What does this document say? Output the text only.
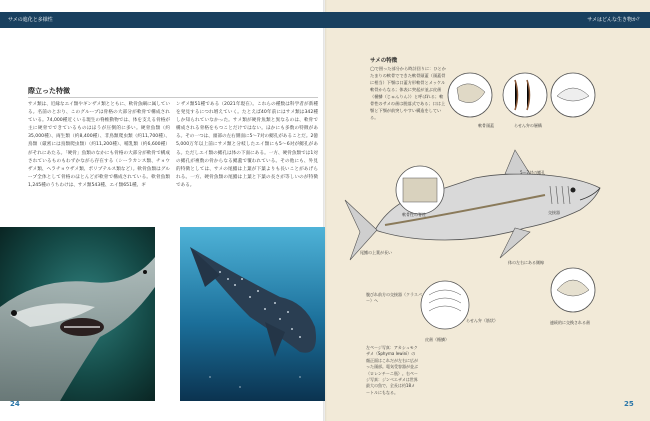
サメの進化と多様性	サメはどんな生き物か？
際立った特徴
サメ類は、近縁なエイ類やギンザメ類とともに、軟骨魚綱に属している。名前のとおり、このグループは骨格の大部分が軟骨で構成されている。74,000種近くいる現生の脊椎動物では、体を支える骨格が主に硬骨でできているものはほうが圧倒的に多い。硬骨魚類（約35,000種）、両生類（約8,400種）、非鳥類爬虫類（約11,700種）、鳥類（厳密には鳥類爬虫類）（約11,200種）、哺乳類（約6,600種）がそれにあたる。「硬骨」魚類のなかにも骨格の大部分が軟骨で構成されているものもわずかながら存在する（シーラカンス類、チョウザメ類、ヘラチョウザメ類、ポリプテルス類など）。軟骨魚類はグループ全体として骨格のほとんどが軟骨で構成されている。軟骨魚類1,245種のうちわけは、サメ類543種、エイ類651種、ギ
ンザメ類51種である（2021年現在）。これらの種数は科学者が新種を発見するにつれ増えていく。たとえば40年前にはサメ類は342種しか知られていなかった。サメ類が硬骨魚類と異なるのは、軟骨で構成される骨格をもつことだけではない。ほかにも多数の特徴がある。その一つは、頭部の左右側面に5〜7対の鰓孔があることだ。2億5,000万年以上前にサメ類と分岐したエイ類にも5〜6対が鰓孔がある。ただしエイ類の鰓孔は体の下面にある。一方、硬骨魚類では1対の鰓孔が複数の骨からなる鰓蓋で覆われている。その他にも、外見的特徴としては、サメの尾鰭は上葉が下葉よりも長いことがあげられる。一方、硬骨魚類の尾鰭は上葉と下葉の長さが等しいのが特徴である。
サメの特徴
◯で囲った部分から時計回りに：ひとかたまりの軟骨でできた軟骨頭蓋（頭蓋骨に相当）下顎は口蓋方形軟骨とメッケル軟骨からなる；体表に突起が並ぶ皮歯（楯鱗（じゅんりん））と呼ばれる；軟骨性のサメの歯は脱落式である；口は上顎と下顎が前突しやすい構造をしている。
軟骨頭蓋	らせん弁の層構
軟骨性の脊柱
5〜7対の鰓孔
交接器
腹びれ前方の交接器（クラスパー）へ
らせん弁（筋状）
皮歯（楯鱗）
連続的に交換される歯
体の左右にある側線
尾鰭の上葉が長い
左ページ写真：アカシュモクザメ（Sphyrna lewini）の顔正面はこれだが左右に広がった頭部。電気受容器が並ぶ（ロレンチーニ瓶）。右ページ写真：ジンベエザメは世界最大の魚で、全長は約18メートルにもなる。
24	25
